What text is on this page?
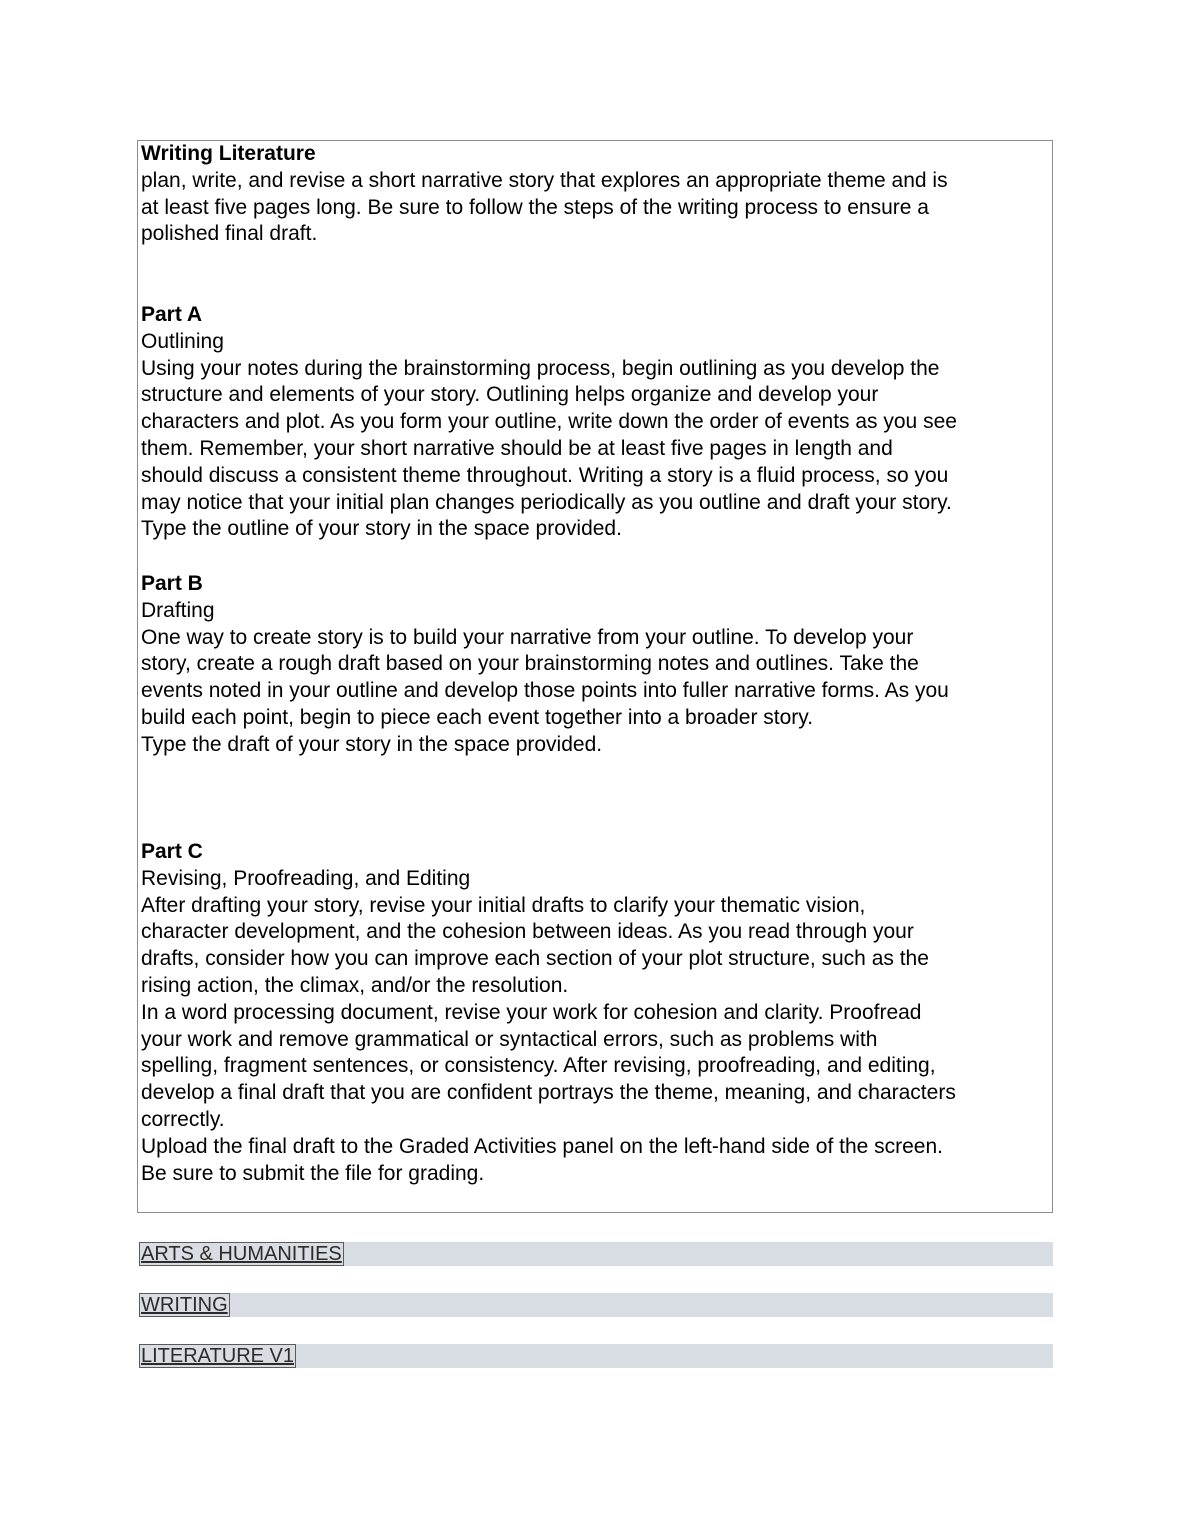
Writing Literature
plan, write, and revise a short narrative story that explores an appropriate theme and is
at least five pages long. Be sure to follow the steps of the writing process to ensure a
polished final draft.
Part A
Outlining
Using your notes during the brainstorming process, begin outlining as you develop the
structure and elements of your story. Outlining helps organize and develop your
characters and plot. As you form your outline, write down the order of events as you see
them. Remember, your short narrative should be at least five pages in length and
should discuss a consistent theme throughout. Writing a story is a fluid process, so you
may notice that your initial plan changes periodically as you outline and draft your story.
Type the outline of your story in the space provided.
Part B
Drafting
One way to create story is to build your narrative from your outline. To develop your
story, create a rough draft based on your brainstorming notes and outlines. Take the
events noted in your outline and develop those points into fuller narrative forms. As you
build each point, begin to piece each event together into a broader story.
Type the draft of your story in the space provided.
Part C
Revising, Proofreading, and Editing
After drafting your story, revise your initial drafts to clarify your thematic vision,
character development, and the cohesion between ideas. As you read through your
drafts, consider how you can improve each section of your plot structure, such as the
rising action, the climax, and/or the resolution.
In a word processing document, revise your work for cohesion and clarity. Proofread
your work and remove grammatical or syntactical errors, such as problems with
spelling, fragment sentences, or consistency. After revising, proofreading, and editing,
develop a final draft that you are confident portrays the theme, meaning, and characters
correctly.
Upload the final draft to the Graded Activities panel on the left-hand side of the screen.
Be sure to submit the file for grading.
ARTS & HUMANITIES
WRITING
LITERATURE V1
